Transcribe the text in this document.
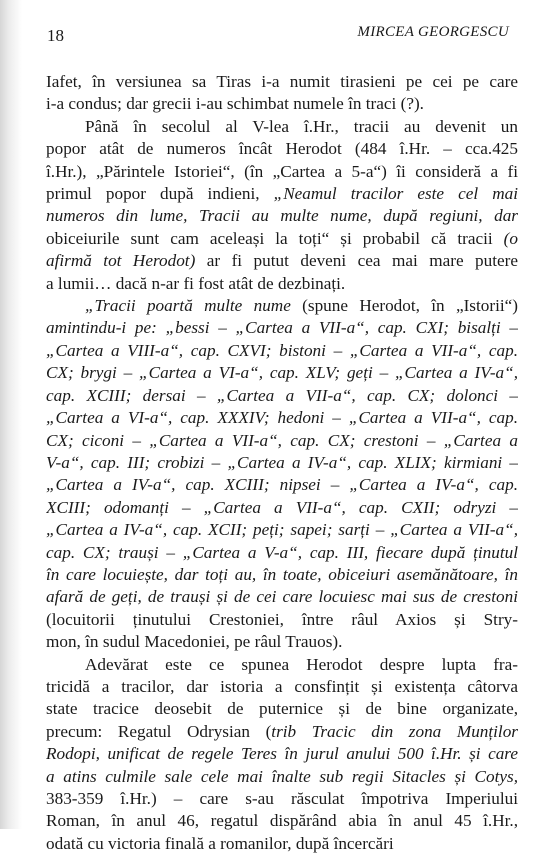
18	MIRCEA GEORGESCU
Iafet, în versiunea sa Tiras i-a numit tirasieni pe cei pe care
i-a condus; dar grecii i-au schimbat numele în traci (?).
Până în secolul al V-lea î.Hr., tracii au devenit un
popor atât de numeros încât Herodot (484 î.Hr. – cca.425
î.Hr.), „Părintele Istoriei“, (în „Cartea a 5-a“) îi consideră a fi
primul popor după indieni, „Neamul tracilor este cel mai
numeros din lume, Tracii au multe nume, după regiuni, dar
obiceiurile sunt cam aceleași la toți“ și probabil că tracii (o
afirmă tot Herodot) ar fi putut deveni cea mai mare putere
a lumii… dacă n-ar fi fost atât de dezbinați.
„Tracii poartă multe nume (spune Herodot, în „Istorii“)
amintindu-i pe: „bessi – „Cartea a VII-a“, cap. CXI; bisalți –
„Cartea a VIII-a“, cap. CXVI; bistoni – „Cartea a VII-a“, cap.
CX; brygi – „Cartea a VI-a“, cap. XLV; geți – „Cartea a IV-a“,
cap. XCIII; dersai – „Cartea a VII-a“, cap. CX; dolonci –
„Cartea a VI-a“, cap. XXXIV; hedoni – „Cartea a VII-a“, cap.
CX; ciconi – „Cartea a VII-a“, cap. CX; crestoni – „Cartea a
V-a“, cap. III; crobizi – „Cartea a IV-a“, cap. XLIX; kirmiani –
„Cartea a IV-a“, cap. XCIII; nipsei – „Cartea a IV-a“, cap.
XCIII; odomanți – „Cartea a VII-a“, cap. CXII; odryzi –
„Cartea a IV-a“, cap. XCII; peți; sapei; sarți – „Cartea a VII-a“,
cap. CX; trauși – „Cartea a V-a“, cap. III, fiecare după ținutul
în care locuiește, dar toți au, în toate, obiceiuri asemănătoare, în
afară de geți, de trauși și de cei care locuiesc mai sus de crestoni
(locuitorii ținutului Crestoniei, între râul Axios și Stry-
mon, în sudul Macedoniei, pe râul Trauos).
Adevărat este ce spunea Herodot despre lupta fra-
tricidă a tracilor, dar istoria a consfințit și existența câtorva
state tracice deosebit de puternice și de bine organizate,
precum: Regatul Odrysian (trib Tracic din zona Munților
Rodopi, unificat de regele Teres în jurul anului 500 î.Hr. și care
a atins culmile sale cele mai înalte sub regii Sitacles și Cotys,
383-359 î.Hr.) – care s-au răsculat împotriva Imperiului
Roman, în anul 46, regatul dispărând abia în anul 45 î.Hr.,
odată cu victoria finală a romanilor, după încercări
